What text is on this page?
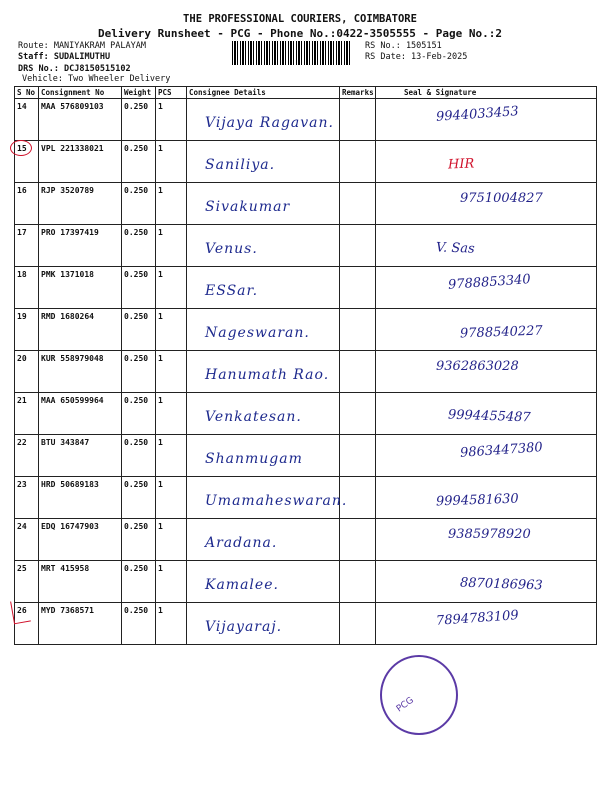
THE PROFESSIONAL COURIERS, COIMBATORE
Delivery Runsheet - PCG - Phone No.:0422-3505555 - Page No.:2
Route: MANIYAKRAM PALAYAM
Staff: SUDALIMUTHU
DRS No.: DCJ8150515102
Vehicle: Two Wheeler Delivery
RS No.: 1505151
RS Date: 13-Feb-2025
S No	Consignment No	Weight	PCS	Consignee Details	Remarks	Seal & Signature
14	MAA 576809103	0.250	1	Vijaya Ragavan.		9944033453

15	VPL 221338021	0.250	1	Saniliya.		HIR

16	RJP 3520789	0.250	1	Sivakumar		9751004827

17	PRO 17397419	0.250	1	Venus.		V. Sas

18	PMK 1371018	0.250	1	ESSar.		9788853340

19	RMD 1680264	0.250	1	Nageswaran.		9788540227

20	KUR 558979048	0.250	1	Hanumath Rao.		9362863028

21	MAA 650599964	0.250	1	Venkatesan.		9994455487

22	BTU 343847	0.250	1	Shanmugam		9863447380

23	HRD 50689183	0.250	1	Umamaheswaran.		9994581630

24	EDQ 16747903	0.250	1	Aradana.		9385978920

25	MRT 415958	0.250	1	Kamalee.		8870186963

26	MYD 7368571	0.250	1	Vijayaraj.		7894783109
PCG
